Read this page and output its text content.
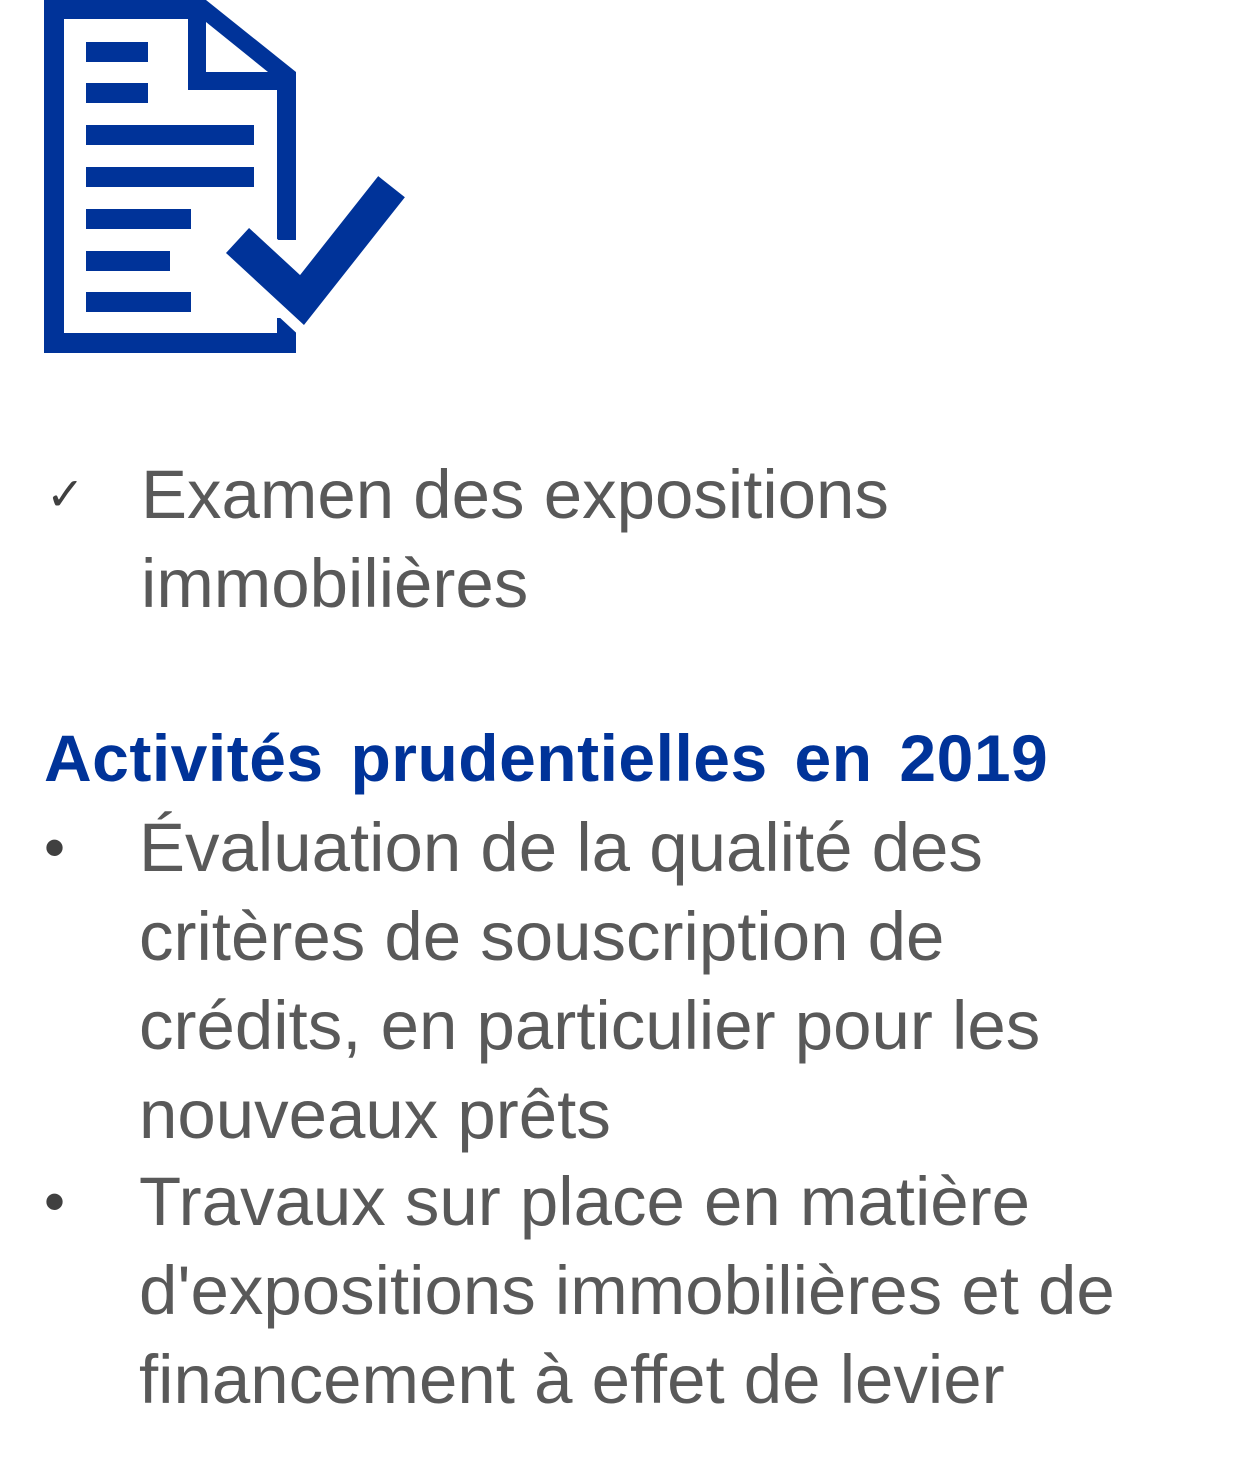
✓ Examen des expositions
immobilières
Activités prudentielles en 2019
•	Évaluation de la qualité des
critères de souscription de
crédits, en particulier pour les
nouveaux prêts
•	Travaux sur place en matière
d'expositions immobilières et de
financement à effet de levier
